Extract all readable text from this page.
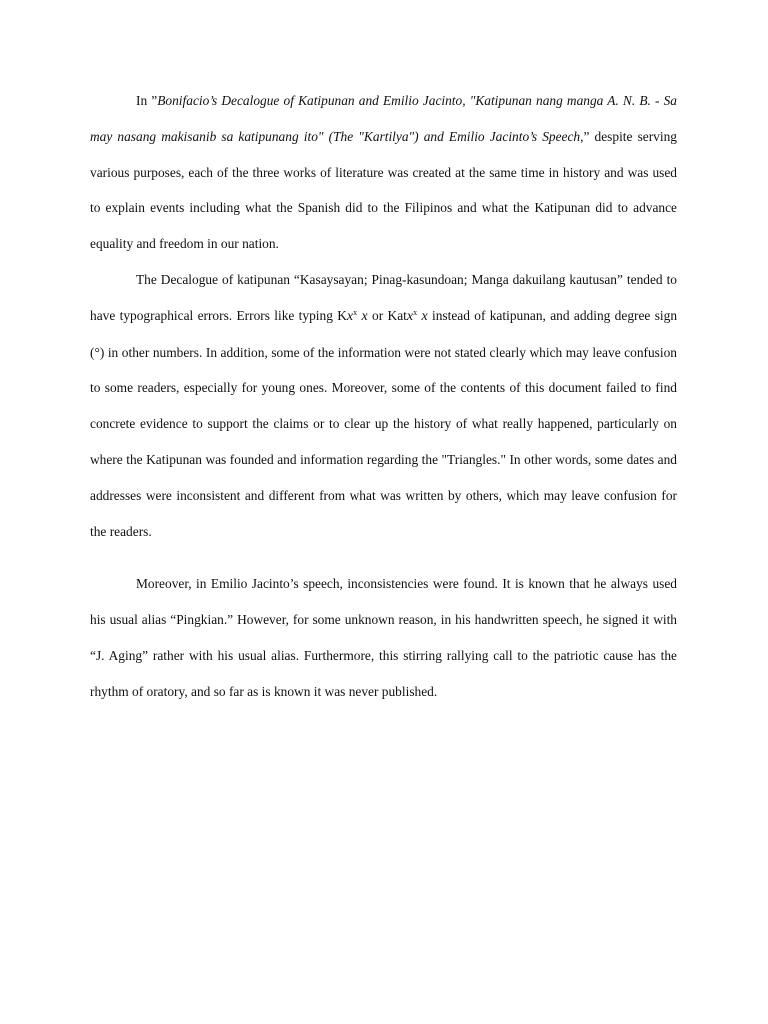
In ”Bonifacio’s Decalogue of Katipunan and Emilio Jacinto, "Katipunan nang manga A. N. B. - Sa may nasang makisanib sa katipunang ito" (The "Kartilya") and Emilio Jacinto’s Speech,” despite serving various purposes, each of the three works of literature was created at the same time in history and was used to explain events including what the Spanish did to the Filipinos and what the Katipunan did to advance equality and freedom in our nation.

The Decalogue of katipunan “Kasaysayan; Pinag-kasundoan; Manga dakuilang kautusan” tended to have typographical errors. Errors like typing Kx$^x$ x or Katx$^x$ x instead of katipunan, and adding degree sign (°) in other numbers. In addition, some of the information were not stated clearly which may leave confusion to some readers, especially for young ones. Moreover, some of the contents of this document failed to find concrete evidence to support the claims or to clear up the history of what really happened, particularly on where the Katipunan was founded and information regarding the "Triangles." In other words, some dates and addresses were inconsistent and different from what was written by others, which may leave confusion for the readers.

Moreover, in Emilio Jacinto’s speech, inconsistencies were found. It is known that he always used his usual alias “Pingkian.” However, for some unknown reason, in his handwritten speech, he signed it with “J. Aging” rather with his usual alias. Furthermore, this stirring rallying call to the patriotic cause has the rhythm of oratory, and so far as is known it was never published.
